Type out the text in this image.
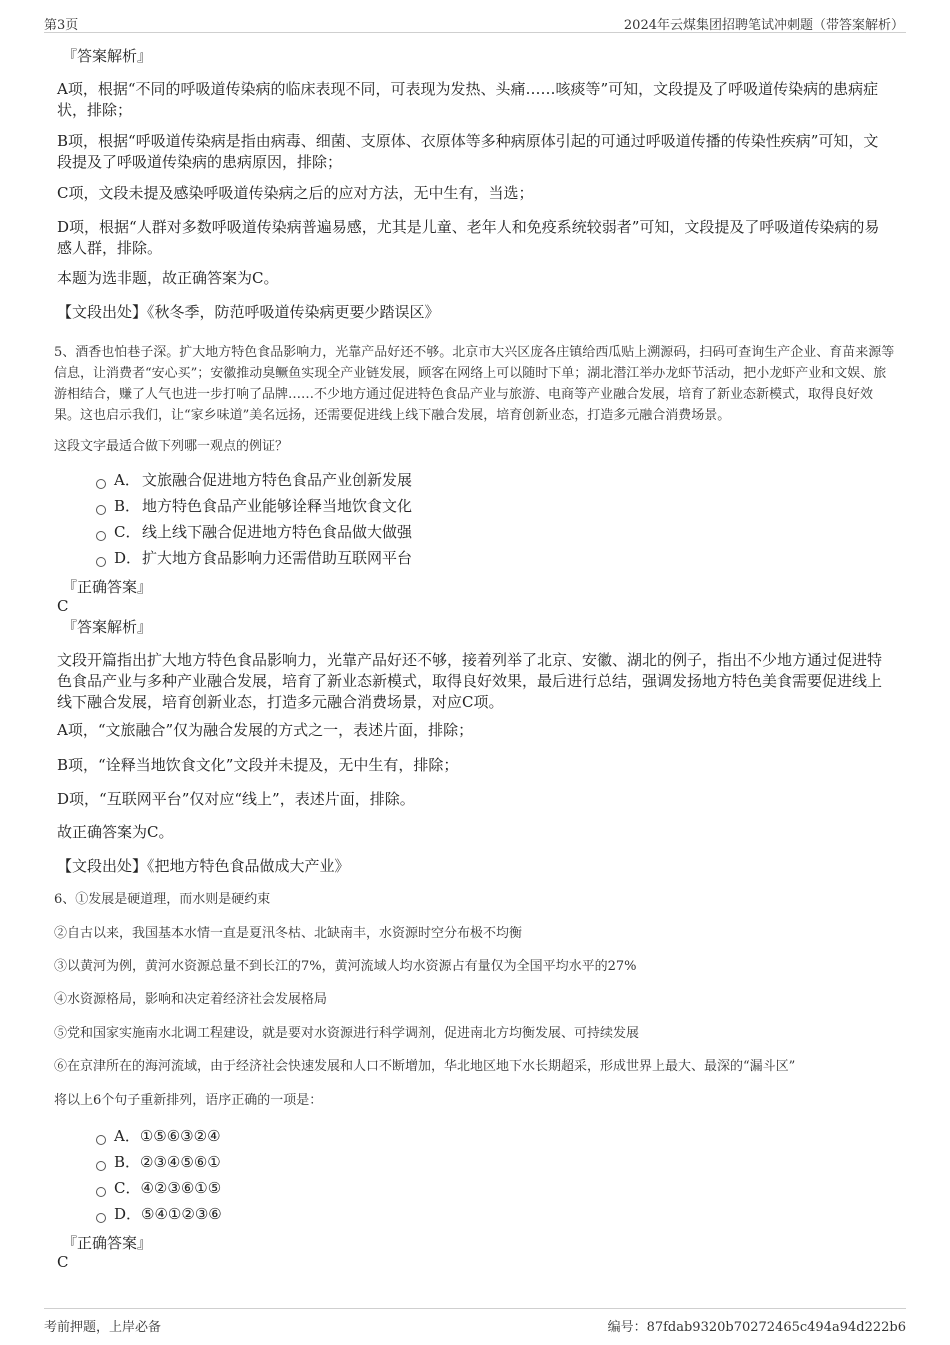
第3页	2024年云煤集团招聘笔试冲刺题（带答案解析）
『答案解析』
A项，根据“不同的呼吸道传染病的临床表现不同，可表现为发热、头痛……咳痰等”可知，文段提及了呼吸道传染病的患病症状，排除；
B项，根据“呼吸道传染病是指由病毒、细菌、支原体、衣原体等多种病原体引起的可通过呼吸道传播的传染性疾病”可知，文段提及了呼吸道传染病的患病原因，排除；
C项，文段未提及感染呼吸道传染病之后的应对方法，无中生有，当选；
D项，根据“人群对多数呼吸道传染病普遍易感，尤其是儿童、老年人和免疫系统较弱者”可知，文段提及了呼吸道传染病的易感人群，排除。
本题为选非题，故正确答案为C。
【文段出处】《秋冬季，防范呼吸道传染病更要少踏误区》
5、酒香也怕巷子深。扩大地方特色食品影响力，光靠产品好还不够。北京市大兴区庞各庄镇给西瓜贴上溯源码，扫码可查询生产企业、育苗来源等信息，让消费者“安心买”；安徽推动臭鳜鱼实现全产业链发展，顾客在网络上可以随时下单；湖北潜江举办龙虾节活动，把小龙虾产业和文娱、旅游相结合，赚了人气也进一步打响了品牌……不少地方通过促进特色食品产业与旅游、电商等产业融合发展，培育了新业态新模式，取得良好效果。这也启示我们，让“家乡味道”美名远扬，还需要促进线上线下融合发展，培育创新业态，打造多元融合消费场景。
这段文字最适合做下列哪一观点的例证？
A． 文旅融合促进地方特色食品产业创新发展
B． 地方特色食品产业能够诠释当地饮食文化
C． 线上线下融合促进地方特色食品做大做强
D．扩大地方食品影响力还需借助互联网平台
『正确答案』
C
『答案解析』
文段开篇指出扩大地方特色食品影响力，光靠产品好还不够，接着列举了北京、安徽、湖北的例子，指出不少地方通过促进特色食品产业与多种产业融合发展，培育了新业态新模式，取得良好效果，最后进行总结，强调发扬地方特色美食需要促进线上线下融合发展，培育创新业态，打造多元融合消费场景，对应C项。
A项，“文旅融合”仅为融合发展的方式之一，表述片面，排除；
B项，“诠释当地饮食文化”文段并未提及，无中生有，排除；
D项，“互联网平台”仅对应“线上”，表述片面，排除。
故正确答案为C。
【文段出处】《把地方特色食品做成大产业》
6、①发展是硬道理，而水则是硬约束
②自古以来，我国基本水情一直是夏汛冬枯、北缺南丰，水资源时空分布极不均衡
③以黄河为例，黄河水资源总量不到长江的7%，黄河流域人均水资源占有量仅为全国平均水平的27%
④水资源格局，影响和决定着经济社会发展格局
⑤党和国家实施南水北调工程建设，就是要对水资源进行科学调剂，促进南北方均衡发展、可持续发展
⑥在京津所在的海河流域，由于经济社会快速发展和人口不断增加，华北地区地下水长期超采，形成世界上最大、最深的“漏斗区”
将以上6个句子重新排列，语序正确的一项是：
A．①⑤⑥③②④
B．②③④⑤⑥①
C．④②③⑥①⑤
D．⑤④①②③⑥
『正确答案』
C
考前押题，上岸必备	编号：87fdab9320b70272465c494a94d222b6
